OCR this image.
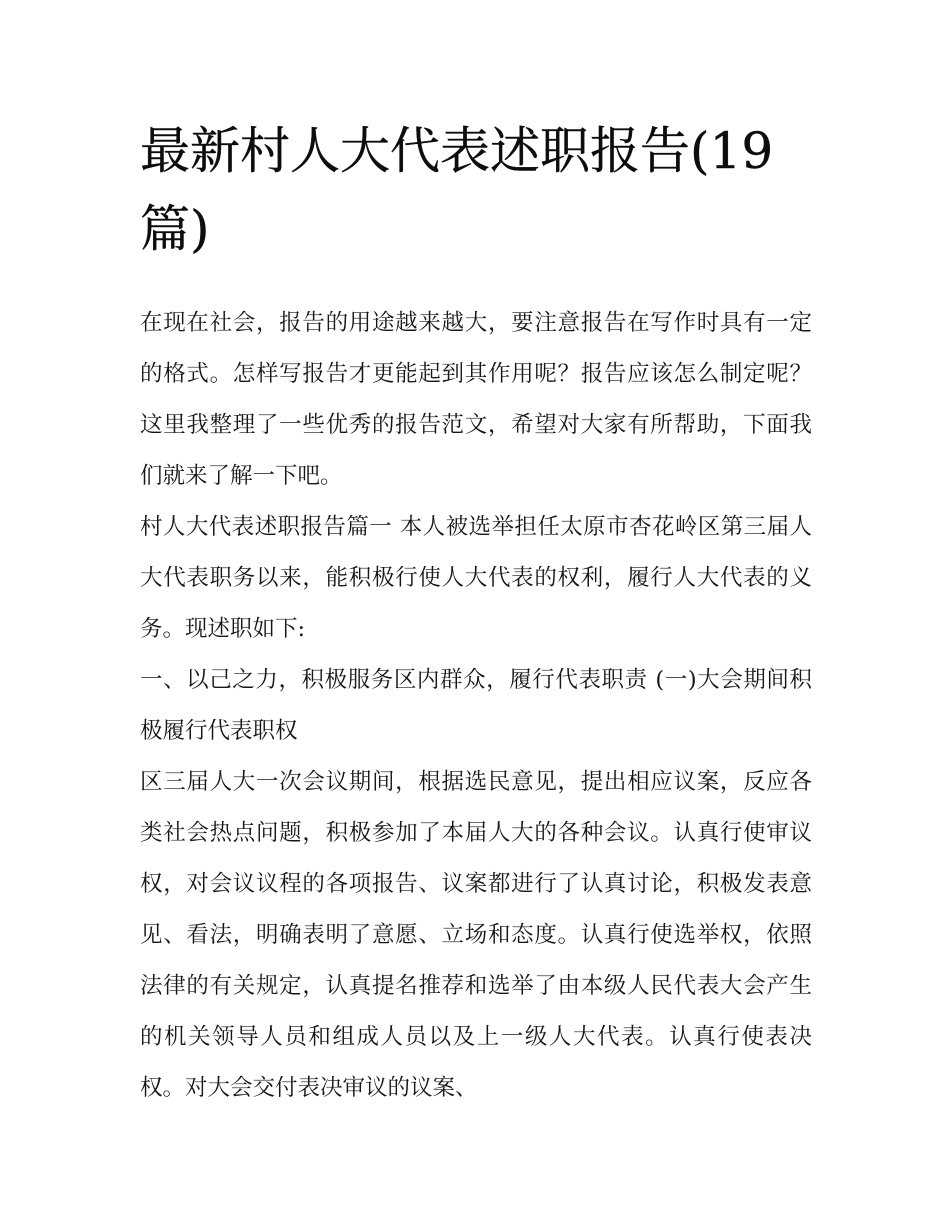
最新村人大代表述职报告(19篇)

在现在社会，报告的用途越来越大，要注意报告在写作时具有一定的格式。怎样写报告才更能起到其作用呢？报告应该怎么制定呢？这里我整理了一些优秀的报告范文，希望对大家有所帮助，下面我们就来了解一下吧。

村人大代表述职报告篇一 本人被选举担任太原市杏花岭区第三届人大代表职务以来，能积极行使人大代表的权利，履行人大代表的义务。现述职如下:

一、以己之力，积极服务区内群众，履行代表职责 (一)大会期间积极履行代表职权

区三届人大一次会议期间，根据选民意见，提出相应议案，反应各类社会热点问题，积极参加了本届人大的各种会议。认真行使审议权，对会议议程的各项报告、议案都进行了认真讨论，积极发表意见、看法，明确表明了意愿、立场和态度。认真行使选举权，依照法律的有关规定，认真提名推荐和选举了由本级人民代表大会产生的机关领导人员和组成人员以及上一级人大代表。认真行使表决权。对大会交付表决审议的议案、
